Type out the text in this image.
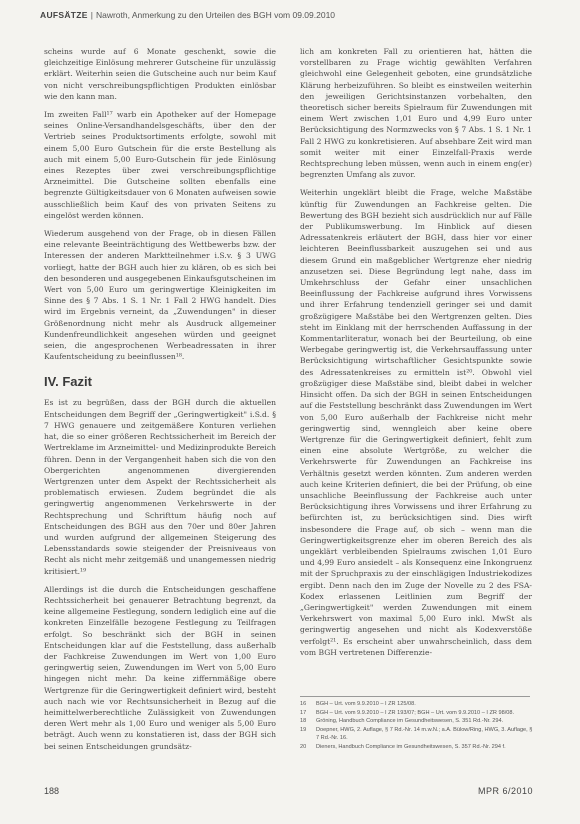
AUFSÄTZE | Nawroth, Anmerkung zu den Urteilen des BGH vom 09.09.2010

scheins wurde auf 6 Monate geschenkt, sowie die gleichzeitige Einlösung mehrerer Gutscheine für unzulässig erklärt. Weiterhin seien die Gutscheine auch nur beim Kauf von nicht verschreibungspflichtigen Produkten einlösbar wie den kann man.

Im zweiten Fall¹⁷ warb ein Apotheker auf der Homepage seines Online-Versandhandelsgeschäfts, über den der Vertrieb seines Produktsortiments erfolgte, sowohl mit einem 5,00 Euro Gutschein für die erste Bestellung als auch mit einem 5,00 Euro-Gutschein für jede Einlösung eines Rezeptes über zwei verschreibungspflichtige Arzneimittel. Die Gutscheine sollten ebenfalls eine begrenzte Gültigkeitsdauer von 6 Monaten aufweisen sowie ausschließlich beim Kauf des von privaten Seitens zu eingelöst werden können.

Wiederum ausgehend von der Frage, ob in diesen Fällen eine relevante Beeinträchtigung des Wettbewerbs bzw. der Interessen der anderen Marktteilnehmer i.S.v. § 3 UWG vorliegt, hatte der BGH auch hier zu klären, ob es sich bei den besonderen und ausgegebenen Einkaufsgutscheinen im Wert von 5,00 Euro um geringwertige Kleinigkeiten im Sinne des § 7 Abs. 1 S. 1 Nr. 1 Fall 2 HWG handelt. Dies wird im Ergebnis verneint, da „Zuwendungen" in dieser Größenordnung nicht mehr als Ausdruck allgemeiner Kundenfreundlichkeit angesehen würden und geeignet seien, die angesprochenen Werbeadressaten in ihrer Kaufentscheidung zu beeinflussen¹⁸.

IV. Fazit

Es ist zu begrüßen, dass der BGH durch die aktuellen Entscheidungen dem Begriff der „Geringwertigkeit" i.S.d. § 7 HWG genauere und zeitgemäßere Konturen verliehen hat, die so einer größeren Rechtssicherheit im Bereich der Wertreklame im Arzneimittel- und Medizinprodukte Bereich führen. Denn in der Vergangenheit haben sich die von den Obergerichten angenommenen divergierenden Wertgrenzen unter dem Aspekt der Rechtssicherheit als problematisch erwiesen. Zudem begründet die als geringwertig angenommenen Verkehrswerte in der Rechtsprechung und Schrifttum häufig noch auf Entscheidungen des BGH aus den 70er und 80er Jahren und wurden aufgrund der allgemeinen Steigerung des Lebensstandards sowie steigender der Preisniveaus von Recht als nicht mehr zeitgemäß und unangemessen niedrig kritisiert.¹⁹

Allerdings ist die durch die Entscheidungen geschaffene Rechtssicherheit bei genauerer Betrachtung begrenzt, da keine allgemeine Festlegung, sondern lediglich eine auf die konkreten Einzelfälle bezogene Festlegung zu Teilfragen erfolgt. So beschränkt sich der BGH in seinen Entscheidungen klar auf die Feststellung, dass außerhalb der Fachkreise Zuwendungen im Wert von 1,00 Euro geringwertig seien, Zuwendungen im Wert von 5,00 Euro hingegen nicht mehr. Da keine ziffernmäßige obere Wertgrenze für die Geringwertigkeit definiert wird, besteht auch nach wie vor Rechtsunsicherheit in Bezug auf die heimittelwerberechtliche Zulässigkeit von Zuwendungen deren Wert mehr als 1,00 Euro und weniger als 5,00 Euro beträgt. Auch wenn zu konstatieren ist, dass der BGH sich bei seinen Entscheidungen grundsätz-

lich am konkreten Fall zu orientieren hat, hätten die vorstellbaren zu Frage wichtig gewählten Verfahren gleichwohl eine Gelegenheit geboten, eine grundsätzliche Klärung herbeizuführen. So bleibt es einstweilen weiterhin den jeweiligen Gerichtsinstanzen vorbehalten, den theoretisch sicher bereits Spielraum für Zuwendungen mit einem Wert zwischen 1,01 Euro und 4,99 Euro unter Berücksichtigung des Normzwecks von § 7 Abs. 1 S. 1 Nr. 1 Fall 2 HWG zu konkretisieren. Auf absehbare Zeit wird man somit weiter mit einer Einzelfall-Praxis werde Rechtsprechung leben müssen, wenn auch in einem eng(er) begrenzten Umfang als zuvor.

Weiterhin ungeklärt bleibt die Frage, welche Maßstäbe künftig für Zuwendungen an Fachkreise gelten. Die Bewertung des BGH bezieht sich ausdrücklich nur auf Fälle der Publikumswerbung. Im Hinblick auf diesen Adressatenkreis erläutert der BGH, dass hier vor einer leichteren Beeinflussbarkeit auszugehen sei und aus diesem Grund ein maßgeblicher Wertgrenze eher niedrig anzusetzen sei. Diese Begründung legt nahe, dass im Umkehrschluss der Gefahr einer unsachlichen Beeinflussung der Fachkreise aufgrund ihres Vorwissens und ihrer Erfahrung tendenziell geringer sei und damit großzügigere Maßstäbe bei den Wertgrenzen gelten. Dies steht im Einklang mit der herrschenden Auffassung in der Kommentarliteratur, wonach bei der Beurteilung, ob eine Werbegabe geringwertig ist, die Verkehrsauffassung unter Berücksichtigung wirtschaftlicher Gesichtspunkte sowie des Adressatenkreises zu ermitteln ist²⁰. Obwohl viel großzügiger diese Maßstäbe sind, bleibt dabei in welcher Hinsicht offen. Da sich der BGH in seinen Entscheidungen auf die Feststellung beschränkt dass Zuwendungen im Wert von 5,00 Euro außerhalb der Fachkreise nicht mehr geringwertig sind, wenngleich aber keine obere Wertgrenze für die Geringwertigkeit definiert, fehlt zum einen eine absolute Wertgröße, zu welcher die Verkehrswerte für Zuwendungen an Fachkreise ins Verhältnis gesetzt werden könnten. Zum anderen werden auch keine Kriterien definiert, die bei der Prüfung, ob eine unsachliche Beeinflussung der Fachkreise auch unter Berücksichtigung ihres Vorwissens und ihrer Erfahrung zu befürchten ist, zu berücksichtigen sind. Dies wirft insbesondere die Frage auf, ob sich – wenn man die Geringwertigkeitsgrenze eher im oberen Bereich des als ungeklärt verbleibenden Spielraums zwischen 1,01 Euro und 4,99 Euro ansiedelt – als Konsequenz eine Inkongruenz mit der Spruchpraxis zu der einschlägigen Industriekodizes ergibt. Denn nach den im Zuge der Novelle zu 2 des FSA-Kodex erlassenen Leitlinien zum Begriff der „Geringwertigkeit" werden Zuwendungen mit einem Verkehrswert von maximal 5,00 Euro inkl. MwSt als geringwertig angesehen und nicht als Kodexverstöße verfolgt²¹. Es erscheint aber unwahrscheinlich, dass dem vom BGH vertretenen Differenzie-

16	BGH – Urt. vom 9.9.2010 – I ZR 125/08.
17	BGH – Urt. vom 9.9.2010 – I ZR 193/07; BGH – Urt. vom 9.9.2010 – I ZR 98/08.
18	Gröning, Handbuch Compliance im Gesundheitswesen, S. 351 Rd.-Nr. 294.
19	Doepner, HWG, 2. Auflage, § 7 Rd.-Nr. 14 m.w.N.; a.A. Bülow/Ring, HWG, 3. Auflage, § 7 Rd.-Nr. 16.
20	Dieners, Handbuch Compliance im Gesundheitswesen, S. 357 Rd.-Nr. 294 f.
188	MPR 6/2010
